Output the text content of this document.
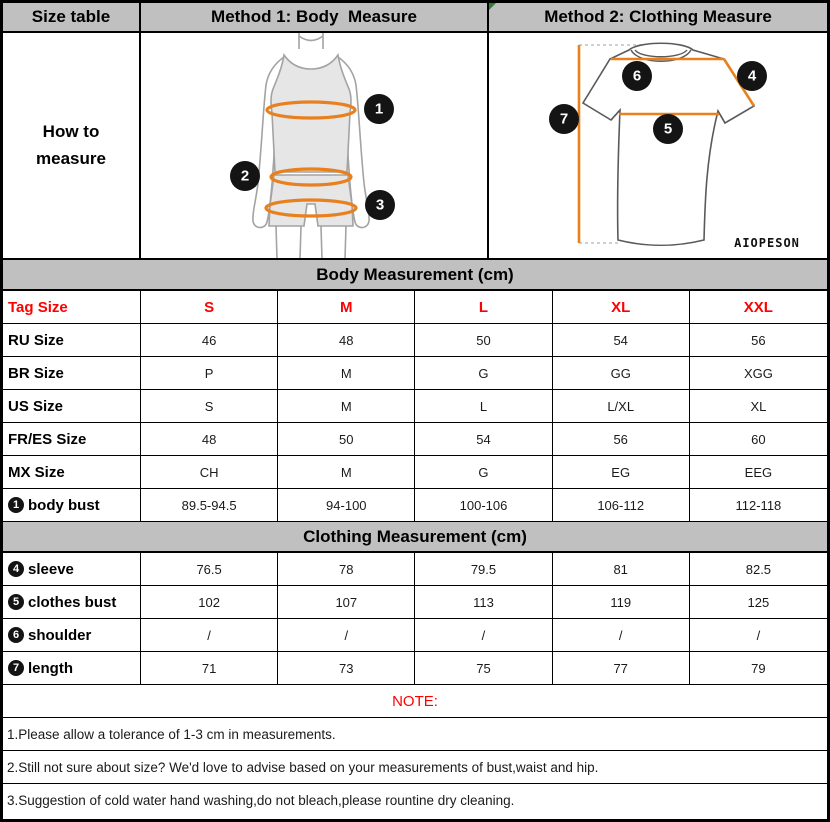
Size table	Method 1: Body  Measure	Method 2: Clothing Measure
How to measure
1
2
3
6	4
7
5
AIOPESON
Body Measurement (cm)
Tag Size	S	M	L	XL	XXL
RU Size	46	48	50	54	56
BR Size	P	M	G	GG	XGG
US Size	S	M	L	L/XL	XL
FR/ES Size	48	50	54	56	60
MX Size	CH	M	G	EG	EEG
1 body bust	89.5-94.5	94-100	100-106	106-112	112-118
Clothing Measurement (cm)
4 sleeve	76.5	78	79.5	81	82.5
5 clothes bust	102	107	113	119	125
6 shoulder	/	/	/	/	/
7 length	71	73	75	77	79
NOTE:
1.Please allow a tolerance of 1-3 cm in measurements.
2.Still not sure about size? We'd love to advise based on your measurements of bust,waist and hip.
3.Suggestion of cold water hand washing,do not bleach,please rountine dry cleaning.
